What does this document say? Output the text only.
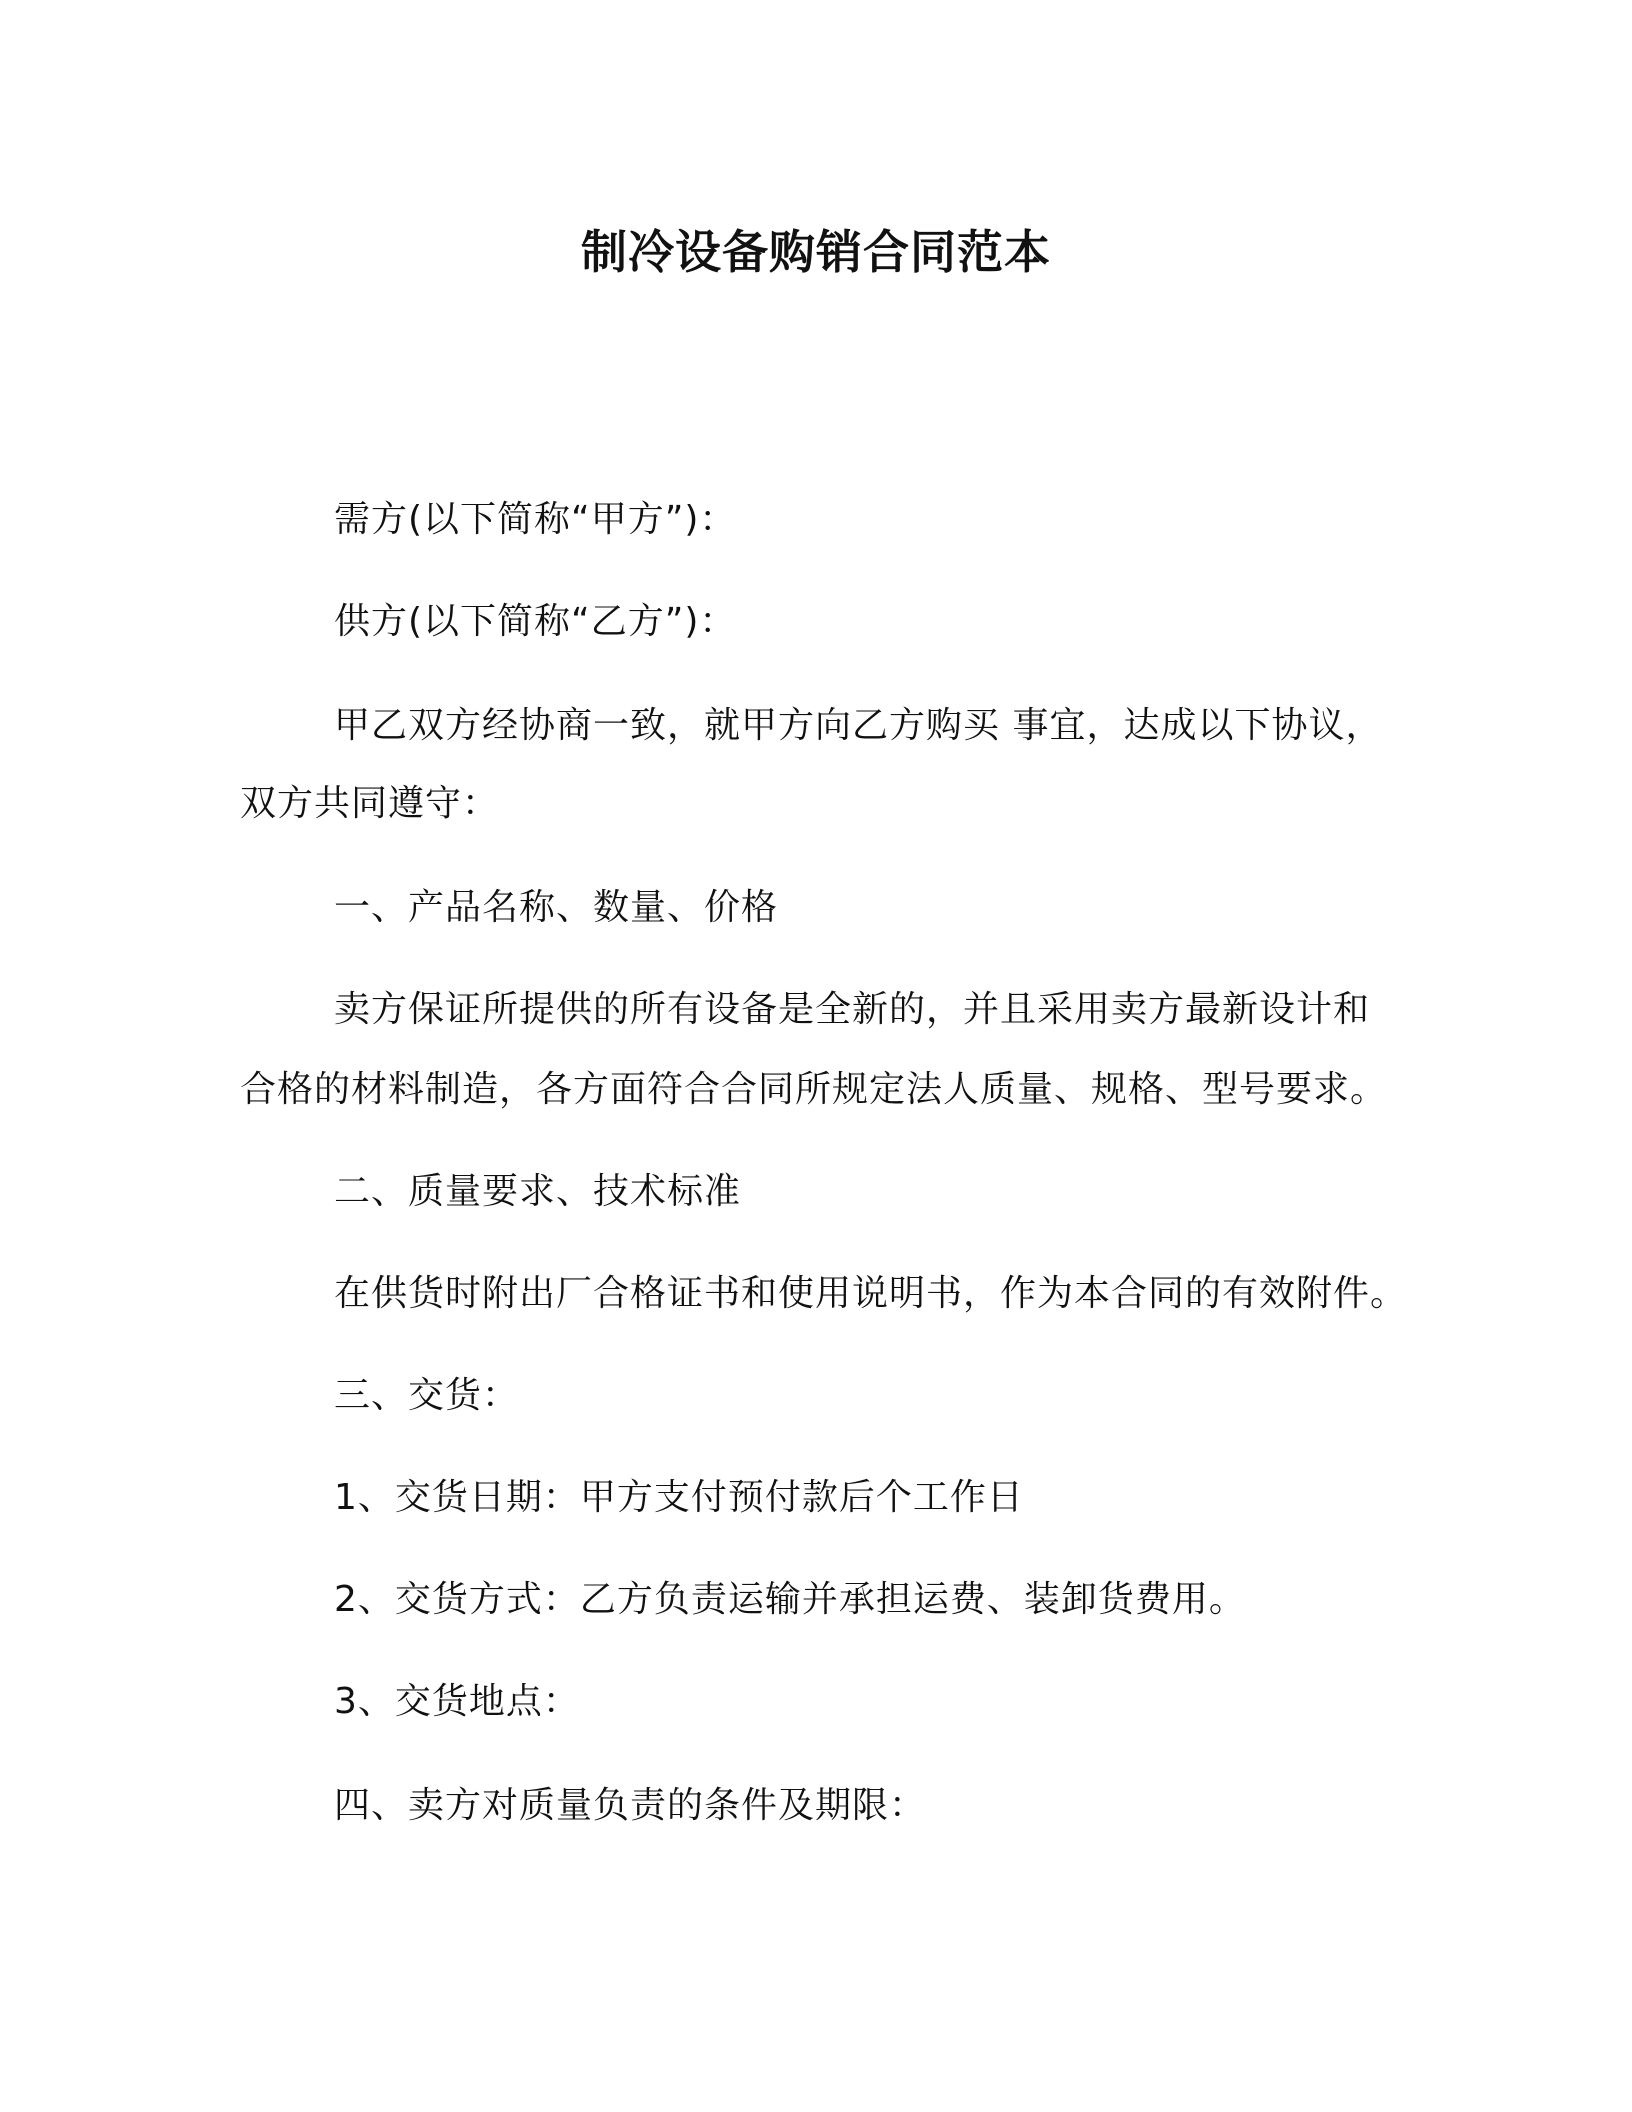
制冷设备购销合同范本
需方(以下简称“甲方”)：
供方(以下简称“乙方”)：
甲乙双方经协商一致，就甲方向乙方购买 事宜，达成以下协议，
双方共同遵守：
一、产品名称、数量、价格
卖方保证所提供的所有设备是全新的，并且采用卖方最新设计和
合格的材料制造，各方面符合合同所规定法人质量、规格、型号要求。
二、质量要求、技术标准
在供货时附出厂合格证书和使用说明书，作为本合同的有效附件。
三、交货：
1、交货日期：甲方支付预付款后个工作日
2、交货方式：乙方负责运输并承担运费、装卸货费用。
3、交货地点：
四、卖方对质量负责的条件及期限：
